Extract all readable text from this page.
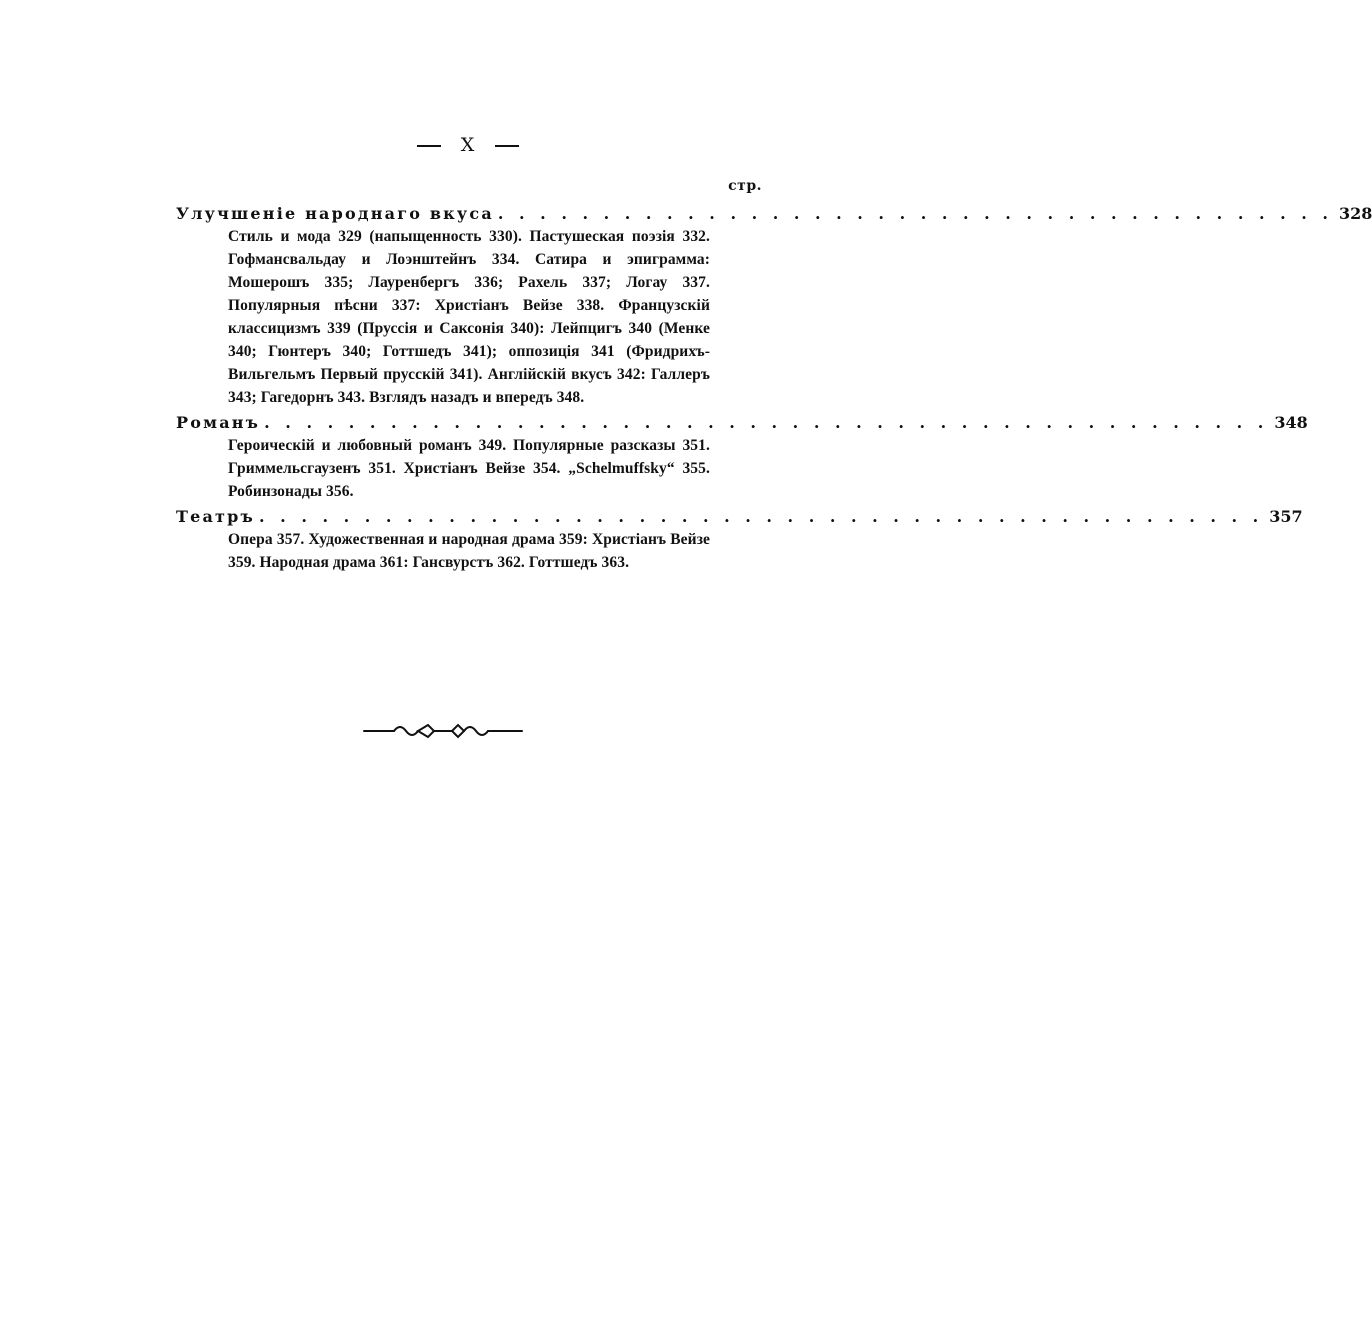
X
стр.
Улучшеніе народнаго вкуса . . . . . . . . . . . . . . . . . . . . . . . . . . . . . . . . . . . . . . . . 328
Стиль и мода 329 (напыщенность 330). Пастушеская поэзія 332. Гофмансвальдау и Лоэнштейнъ 334. Сатира и эпиграмма: Мошерошъ 335; Лауренбергъ 336; Рахель 337; Логау 337. Популярныя пѣсни 337: Христіанъ Вейзе 338. Французскій классицизмъ 339 (Пруссія и Саксонія 340): Лейпцигъ 340 (Менке 340; Гюнтеръ 340; Готтшедъ 341); оппозиція 341 (Фридрихъ-Вильгельмъ Первый прусскій 341). Англійскій вкусъ 342: Галлеръ 343; Гагедорнъ 343. Взглядъ назадъ и впередъ 348.
Романъ . . . . . . . . . . . . . . . . . . . . . . . . . . . . . . . . . . . . . . . . . . . . . . . . 348
Героическій и любовный романъ 349. Популярные разсказы 351. Гриммельсгаузенъ 351. Христіанъ Вейзе 354. „Schelmuffsky“ 355. Робинзонады 356.
Театръ . . . . . . . . . . . . . . . . . . . . . . . . . . . . . . . . . . . . . . . . . . . . . . . . 357
Опера 357. Художественная и народная драма 359: Христіанъ Вейзе 359. Народная драма 361: Гансвурстъ 362. Готтшедъ 363.
